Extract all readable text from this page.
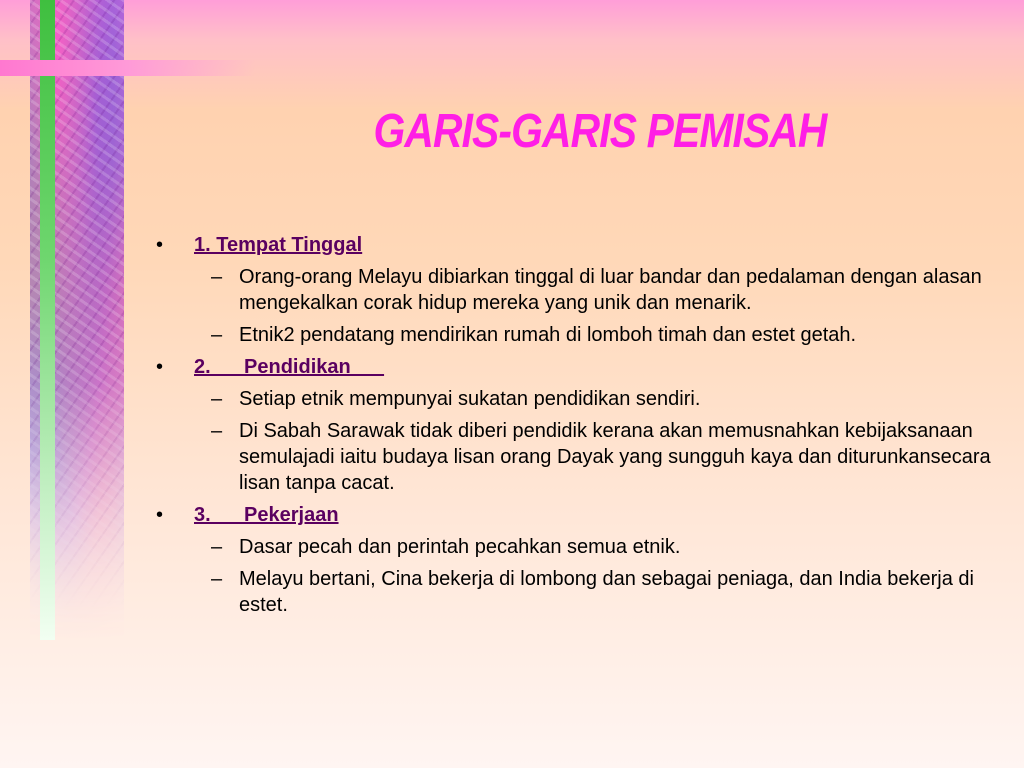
GARIS-GARIS PEMISAH
• 1. Tempat Tinggal
– Orang-orang Melayu dibiarkan tinggal di luar bandar dan pedalaman dengan alasan mengekalkan corak hidup mereka yang unik dan menarik.
– Etnik2 pendatang mendirikan rumah di lomboh timah dan estet getah.
• 2.      Pendidikan
– Setiap etnik mempunyai sukatan pendidikan sendiri.
– Di Sabah Sarawak tidak diberi pendidik kerana akan memusnahkan kebijaksanaan semulajadi iaitu budaya lisan orang Dayak yang sungguh kaya dan diturunkansecara lisan tanpa cacat.
• 3.      Pekerjaan
– Dasar pecah dan perintah pecahkan semua etnik.
– Melayu bertani, Cina bekerja di lombong dan sebagai peniaga, dan India bekerja di estet.
